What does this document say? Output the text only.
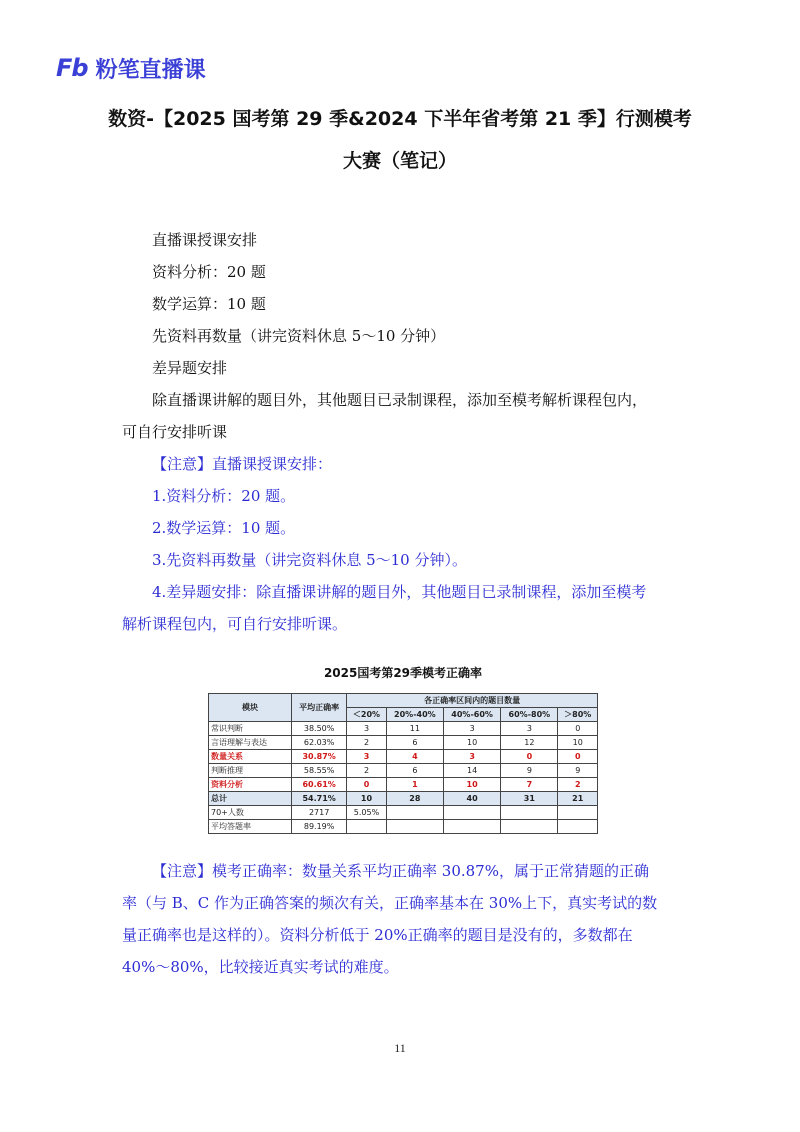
Fb 粉笔直播课
数资-【2025 国考第 29 季&2024 下半年省考第 21 季】行测模考
大赛（笔记）
直播课授课安排
资料分析：20 题
数学运算：10 题
先资料再数量（讲完资料休息 5～10 分钟）
差异题安排
除直播课讲解的题目外，其他题目已录制课程，添加至模考解析课程包内，
可自行安排听课
【注意】直播课授课安排：
1.资料分析：20 题。
2.数学运算：10 题。
3.先资料再数量（讲完资料休息 5～10 分钟）。
4.差异题安排：除直播课讲解的题目外，其他题目已录制课程，添加至模考
解析课程包内，可自行安排听课。
2025国考第29季模考正确率
模块	平均正确率	各正确率区间内的题目数量				
		＜20%	20%-40%	40%-60%	60%-80%	＞80%
常识判断	38.50%	3	11	3	3	0
言语理解与表达	62.03%	2	6	10	12	10
数量关系	30.87%	3	4	3	0	0
判断推理	58.55%	2	6	14	9	9
资料分析	60.61%	0	1	10	7	2
总计	54.71%	10	28	40	31	21
70+人数	2717	5.05%				
平均答题率	89.19%					
【注意】模考正确率：数量关系平均正确率 30.87%，属于正常猜题的正确
率（与 B、C 作为正确答案的频次有关，正确率基本在 30%上下，真实考试的数
量正确率也是这样的）。资料分析低于 20%正确率的题目是没有的，多数都在
40%～80%，比较接近真实考试的难度。
11
